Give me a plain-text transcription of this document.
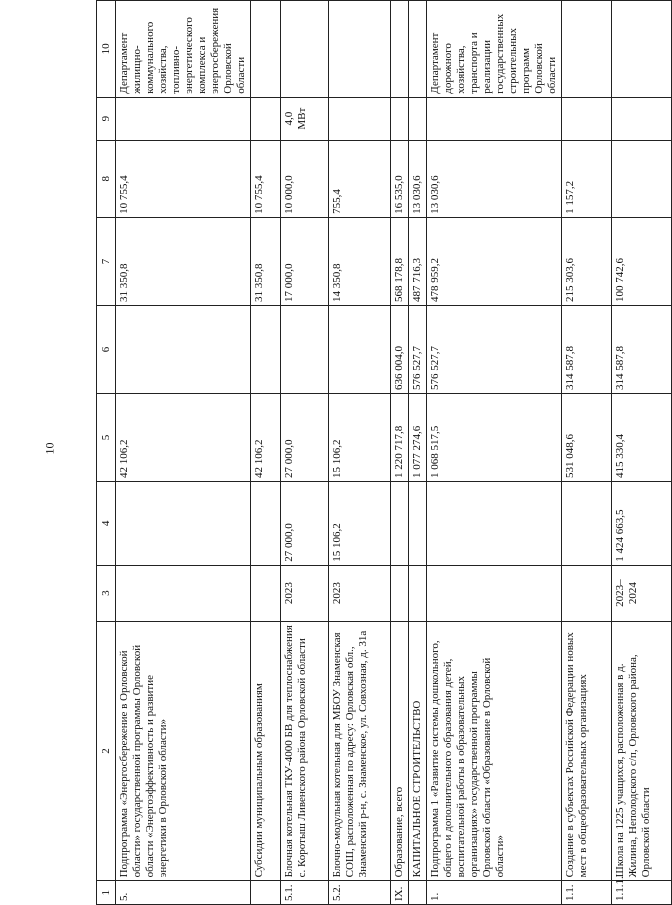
10
1	2	3	4	5	6	7	8	9	10
5.	Подпрограмма «Энергосбережение в Орловской области» государственной программы Орловской области «Энергоэффективность и развитие энергетики в Орловской области»			42 106,2		31 350,8	10 755,4		Департамент жилищно-коммунального хозяйства, топливно-энергетического комплекса и энергосбережения Орловской области
	Субсидии муниципальным образованиям			42 106,2		31 350,8	10 755,4		
5.1.	Блочная котельная ТКУ-4000 БВ для теплоснабжения с. Коротыш Ливенского района Орловской области	2023	27 000,0	27 000,0		17 000,0	10 000,0	4,0 МВт	
5.2.	Блочно-модульная котельная для МБОУ Знаменская СОШ, расположенная по адресу: Орловская обл., Знаменский р-н, с. Знаменское, ул. Совхозная, д. 31а	2023	15 106,2	15 106,2		14 350,8	755,4		
IX.	Образование, всего			1 220 717,8	636 004,0	568 178,8	16 535,0		
	КАПИТАЛЬНОЕ СТРОИТЕЛЬСТВО			1 077 274,6	576 527,7	487 716,3	13 030,6		
1.	Подпрограмма 1 «Развитие системы дошкольного, общего и дополнительного образования детей, воспитательной работы в образовательных организациях» государственной программы Орловской области «Образование в Орловской области»			1 068 517,5	576 527,7	478 959,2	13 030,6		Департамент дорожного хозяйства, транспорта и реализации государственных строительных программ Орловской области
1.1.	Создание в субъектах Российской Федерации новых мест в общеобразовательных организациях			531 048,6	314 587,8	215 303,6	1 157,2		
1.1.1.	Школа на 1225 учащихся, расположенная в д. Жилина, Неполодского с/п, Орловского района, Орловской области	2023–2024	1 424 663,5	415 330,4	314 587,8	100 742,6			
